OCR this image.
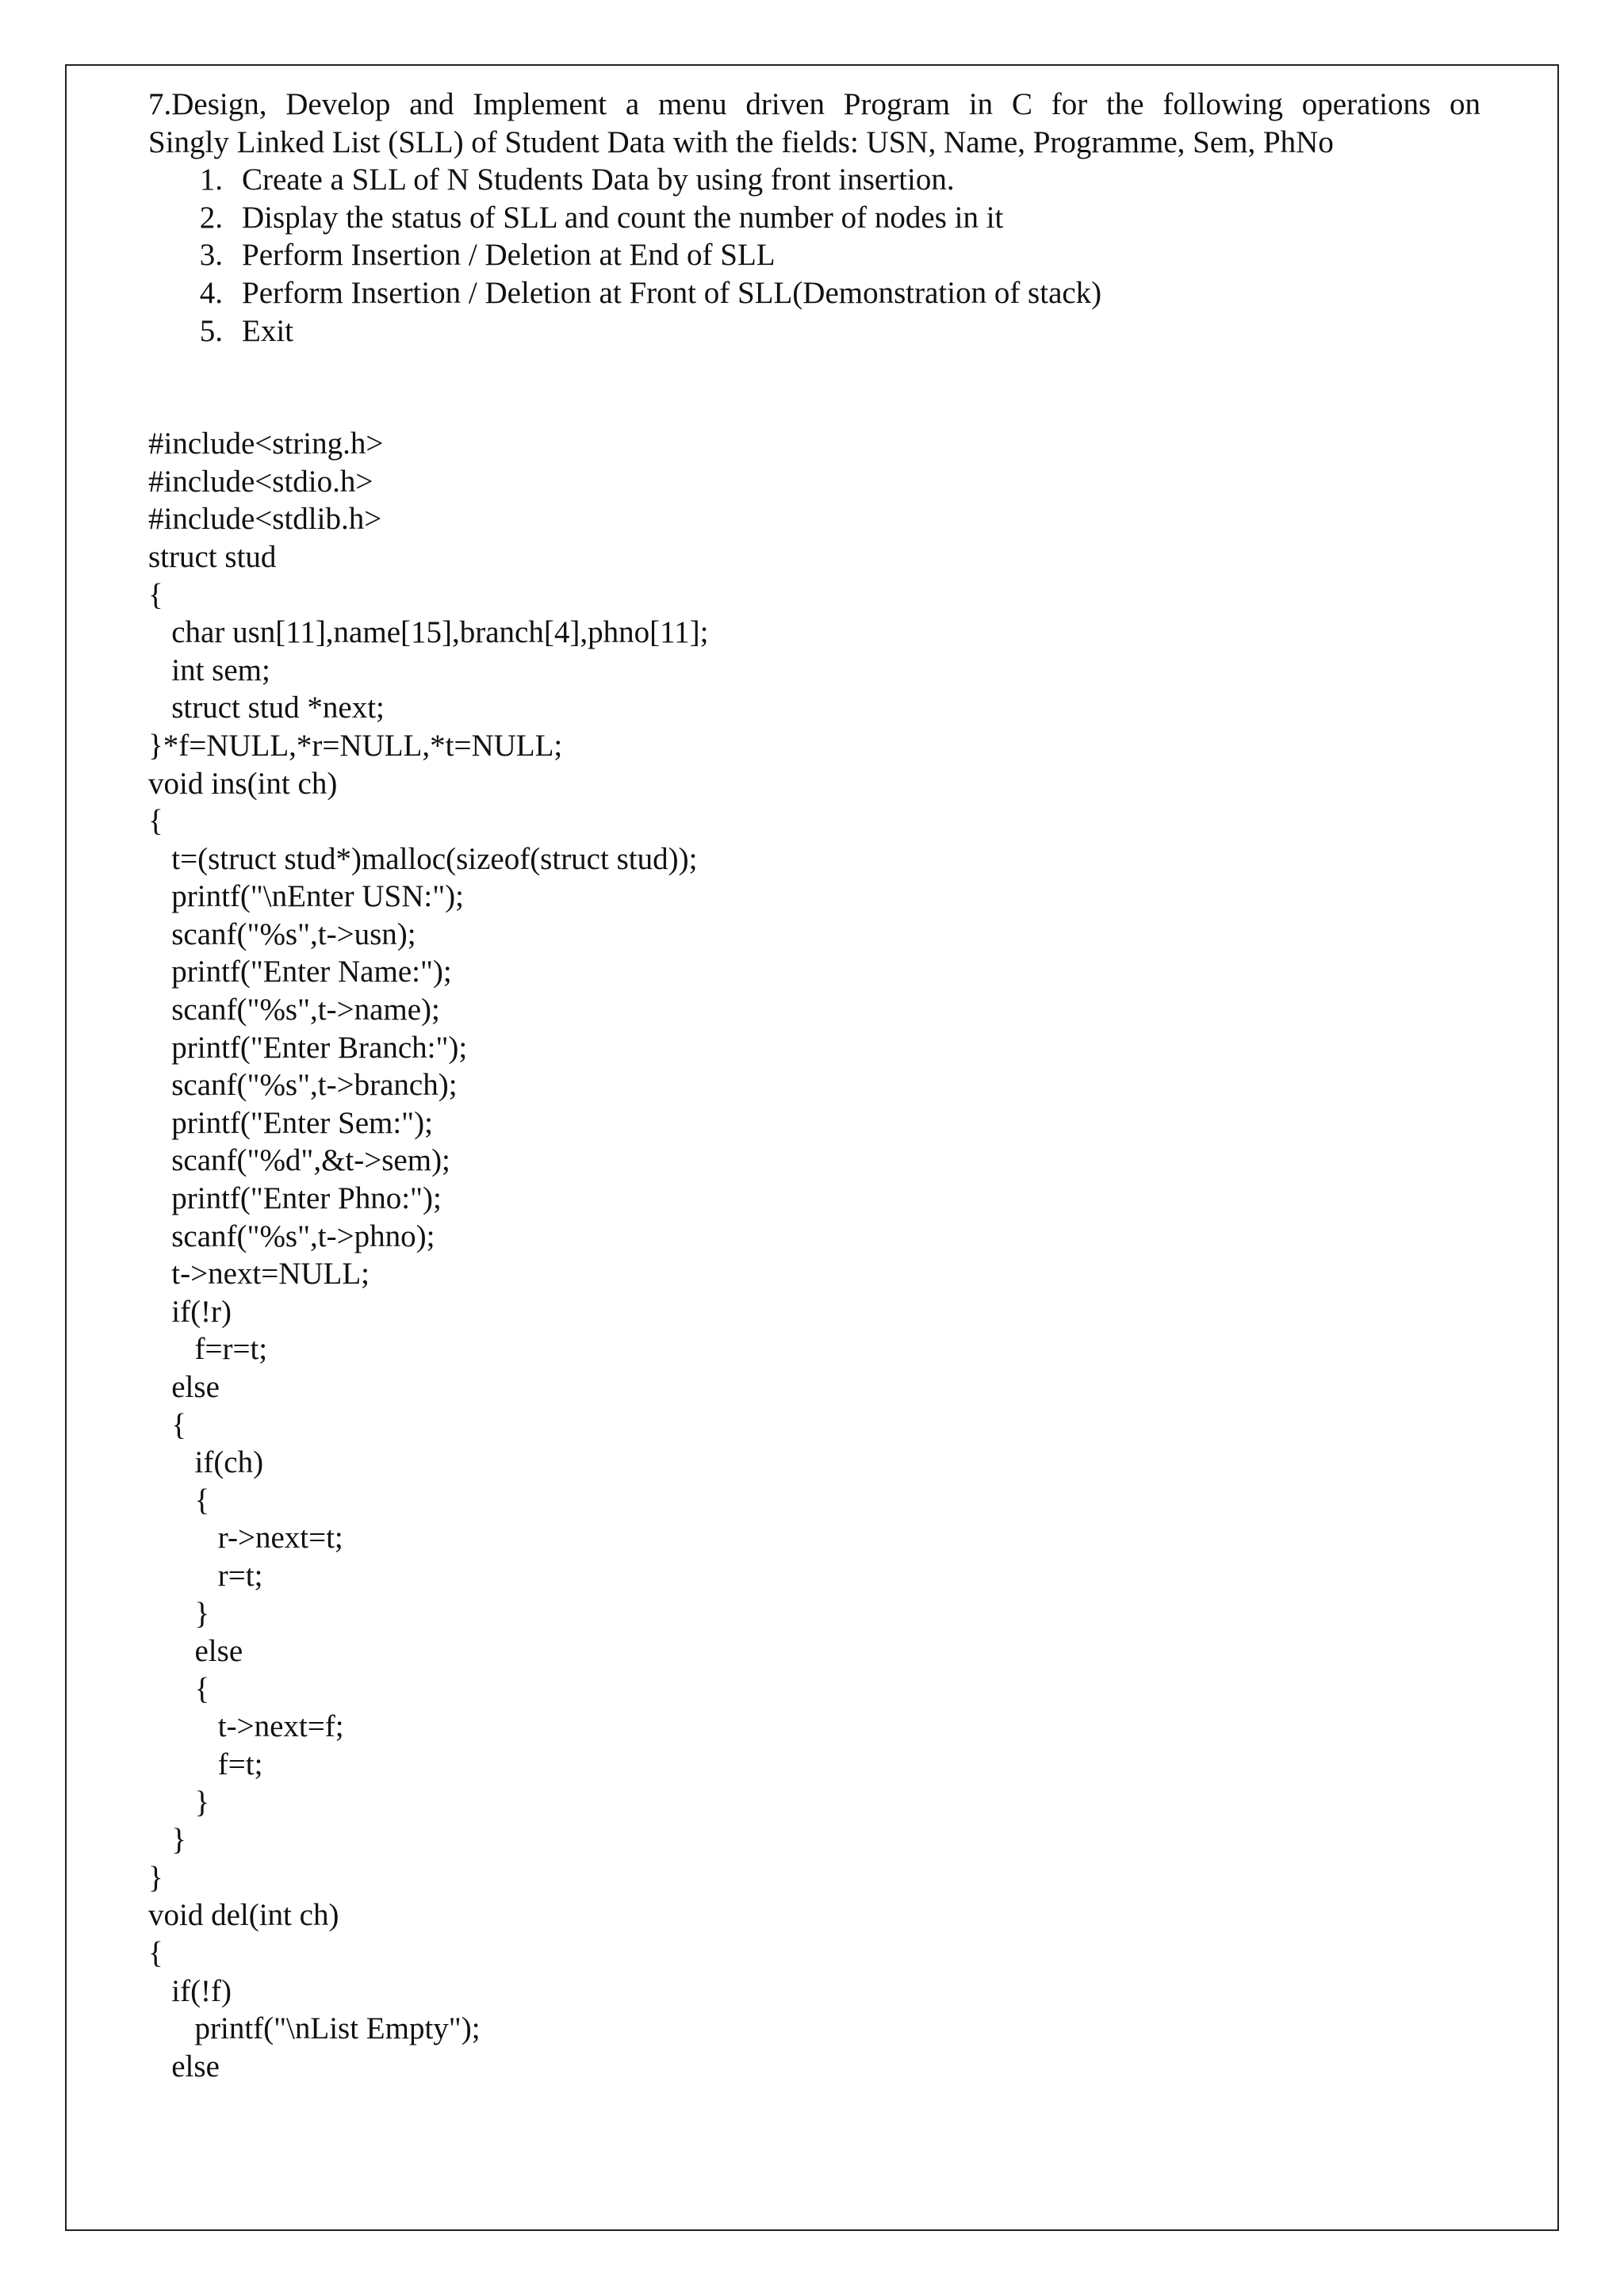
7.Design, Develop and Implement a menu driven Program in C for the following operations on
Singly Linked List (SLL) of Student Data with the fields: USN, Name, Programme, Sem, PhNo
1. Create a SLL of N Students Data by using front insertion.
2. Display the status of SLL and count the number of nodes in it
3. Perform Insertion / Deletion at End of SLL
4. Perform Insertion / Deletion at Front of SLL(Demonstration of stack)
5. Exit
#include<string.h>
#include<stdio.h>
#include<stdlib.h>
struct stud
{
char usn[11],name[15],branch[4],phno[11];
int sem;
struct stud *next;
}*f=NULL,*r=NULL,*t=NULL;
void ins(int ch)
{
t=(struct stud*)malloc(sizeof(struct stud));
printf("\nEnter USN:");
scanf("%s",t->usn);
printf("Enter Name:");
scanf("%s",t->name);
printf("Enter Branch:");
scanf("%s",t->branch);
printf("Enter Sem:");
scanf("%d",&t->sem);
printf("Enter Phno:");
scanf("%s",t->phno);
t->next=NULL;
if(!r)
f=r=t;
else
{
if(ch)
{
r->next=t;
r=t;
}
else
{
t->next=f;
f=t;
}
}
}
void del(int ch)
{
if(!f)
printf("\nList Empty");
else
